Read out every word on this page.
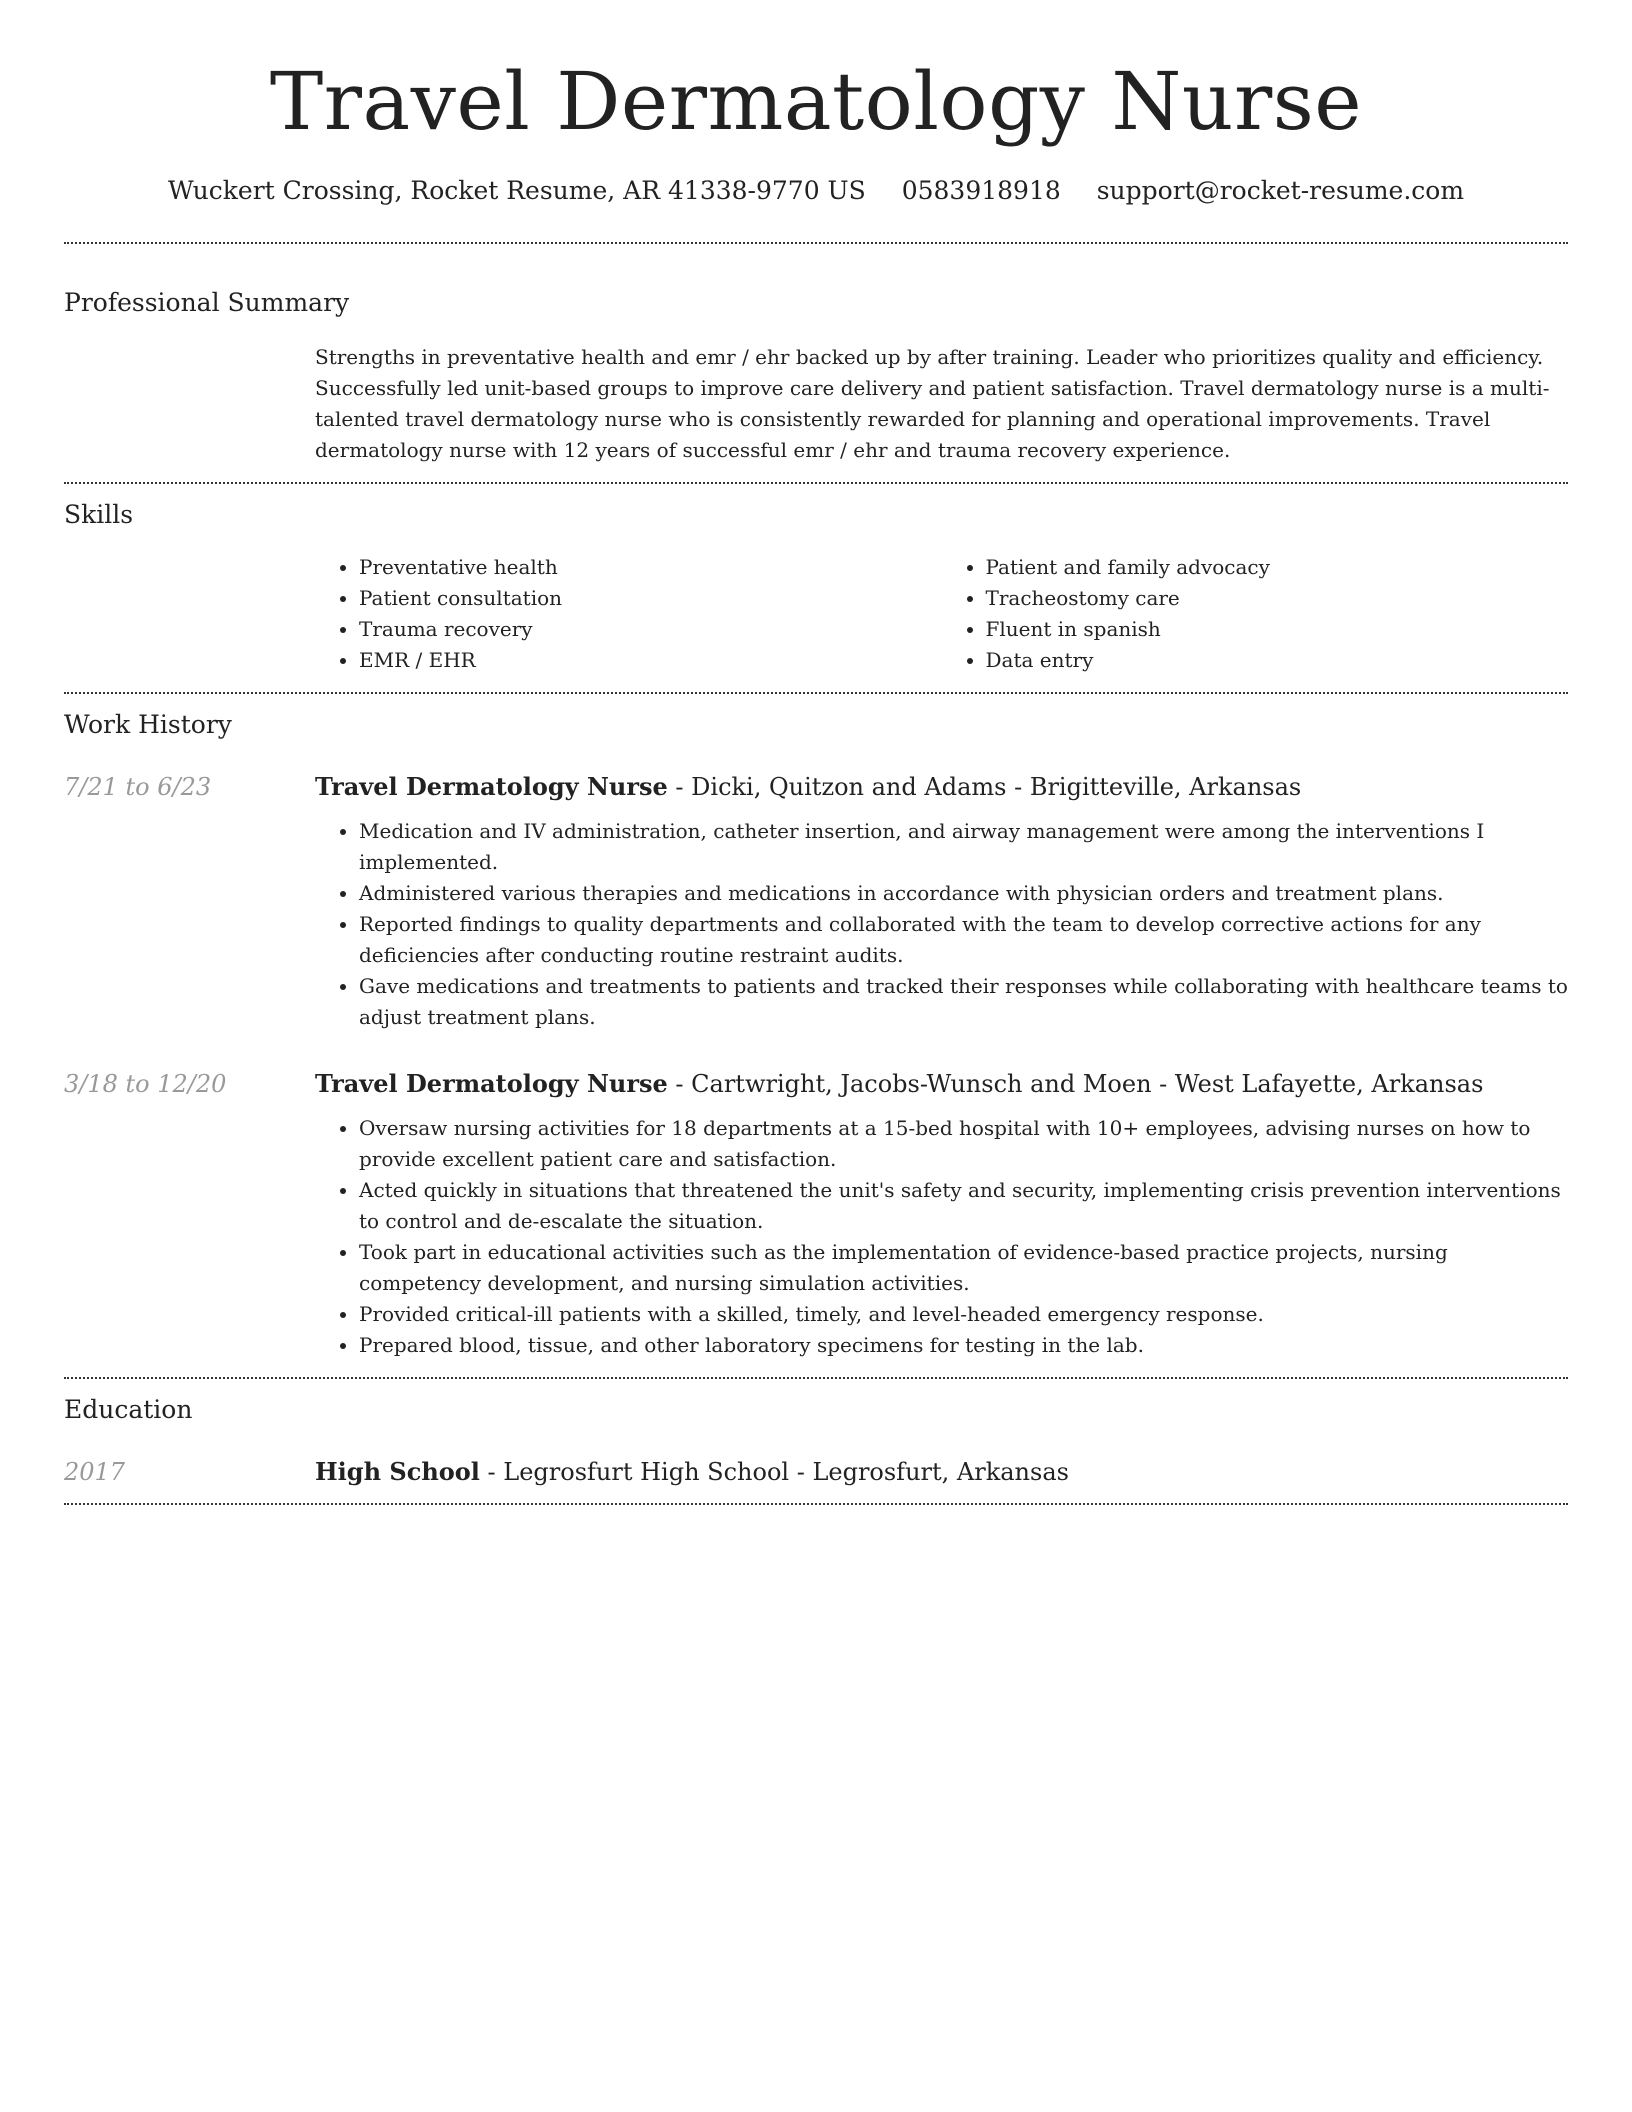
Travel Dermatology Nurse
Wuckert Crossing, Rocket Resume, AR 41338-9770 US 0583918918 support@rocket-resume.com
Professional Summary

Strengths in preventative health and emr / ehr backed up by after training. Leader who prioritizes quality and efficiency. Successfully led unit-based groups to improve care delivery and patient satisfaction. Travel dermatology nurse is a multi-talented travel dermatology nurse who is consistently rewarded for planning and operational improvements. Travel dermatology nurse with 12 years of successful emr / ehr and trauma recovery experience.

Skills
• Preventative health
• Patient consultation
• Trauma recovery
• EMR / EHR
• Patient and family advocacy
• Tracheostomy care
• Fluent in spanish
• Data entry
Work History
7/21 to 6/23	Travel Dermatology Nurse - Dicki, Quitzon and Adams - Brigitteville, Arkansas
• Medication and IV administration, catheter insertion, and airway management were among the interventions I implemented.
• Administered various therapies and medications in accordance with physician orders and treatment plans.
• Reported findings to quality departments and collaborated with the team to develop corrective actions for any deficiencies after conducting routine restraint audits.
• Gave medications and treatments to patients and tracked their responses while collaborating with healthcare teams to adjust treatment plans.
3/18 to 12/20	Travel Dermatology Nurse - Cartwright, Jacobs-Wunsch and Moen - West Lafayette, Arkansas
• Oversaw nursing activities for 18 departments at a 15-bed hospital with 10+ employees, advising nurses on how to provide excellent patient care and satisfaction.
• Acted quickly in situations that threatened the unit's safety and security, implementing crisis prevention interventions to control and de-escalate the situation.
• Took part in educational activities such as the implementation of evidence-based practice projects, nursing competency development, and nursing simulation activities.
• Provided critical-ill patients with a skilled, timely, and level-headed emergency response.
• Prepared blood, tissue, and other laboratory specimens for testing in the lab.
Education
2017	High School - Legrosfurt High School - Legrosfurt, Arkansas
